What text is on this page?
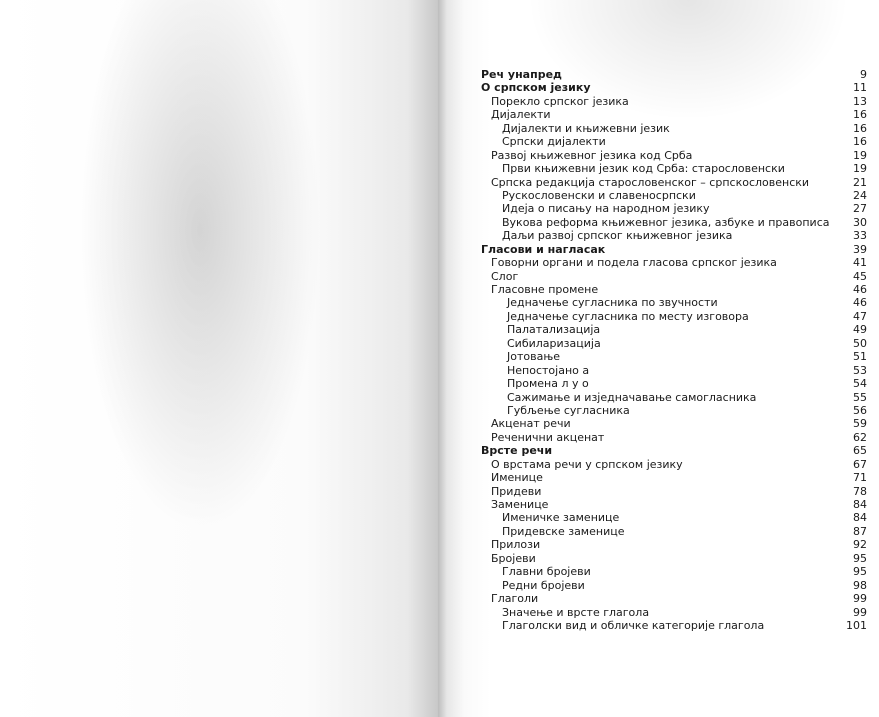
Реч унапред	9
О српском језику	11
Порекло српског језика	13
Дијалекти	16
Дијалекти и књижевни језик	16
Српски дијалекти	16
Развој књижевног језика код Срба	19
Први књижевни језик код Срба: старословенски	19
Српска редакција старословенског – српскословенски	21
Рускословенски и славеносрпски	24
Идеја о писању на народном језику	27
Вукова реформа књижевног језика, азбуке и правописа	30
Даљи развој српског књижевног језика	33
Гласови и нагласак	39
Говорни органи и подела гласова српског језика	41
Слог	45
Гласовне промене	46
Једначење сугласника по звучности	46
Једначење сугласника по месту изговора	47
Палатализација	49
Сибиларизација	50
Јотовање	51
Непостојано а	53
Промена л у о	54
Сажимање и изједначавање самогласника	55
Губљење сугласника	56
Акценат речи	59
Реченични акценат	62
Врсте речи	65
О врстама речи у српском језику	67
Именице	71
Придеви	78
Заменице	84
Именичке заменице	84
Придевске заменице	87
Прилози	92
Бројеви	95
Главни бројеви	95
Редни бројеви	98
Глаголи	99
Значење и врсте глагола	99
Глаголски вид и обличке категорије глагола	101
